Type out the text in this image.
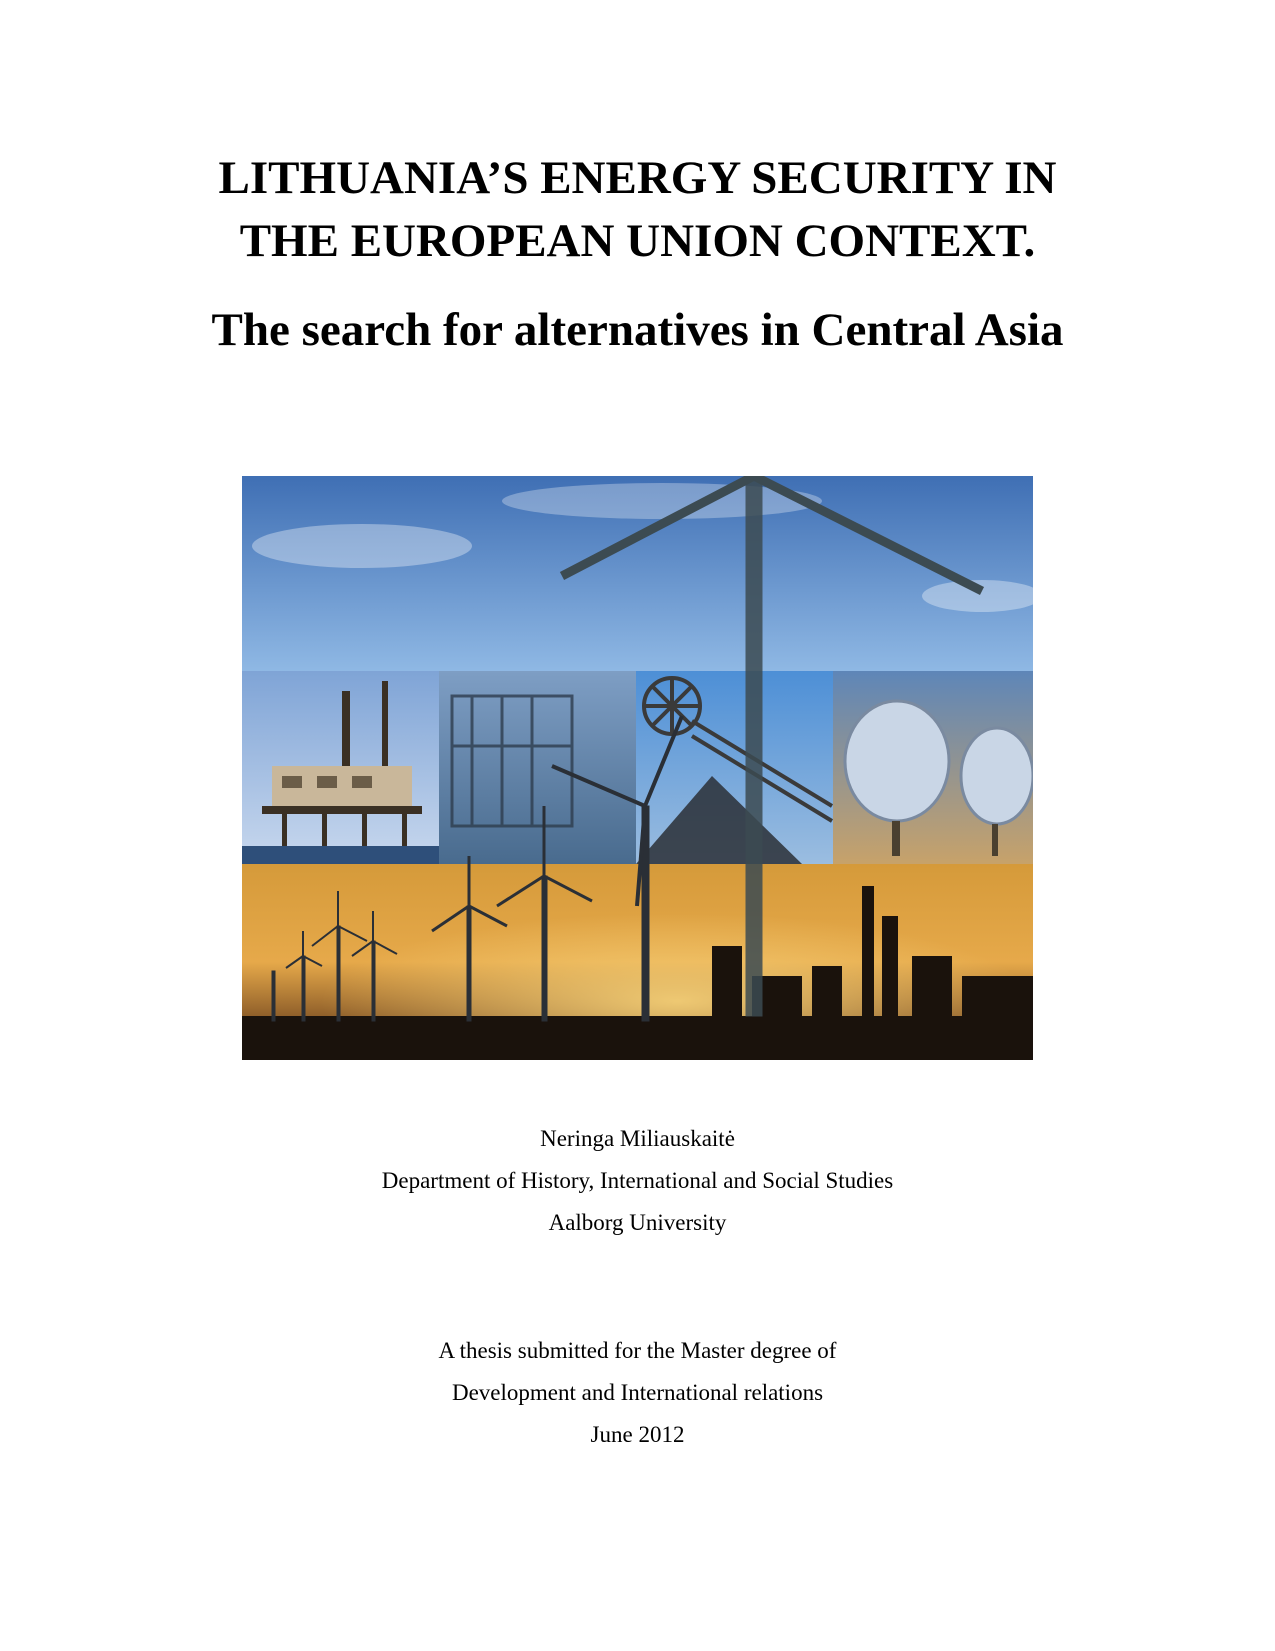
LITHUANIA’S ENERGY SECURITY IN
THE EUROPEAN UNION CONTEXT.
The search for alternatives in Central Asia
Neringa Miliauskaitė
Department of History, International and Social Studies
Aalborg University
A thesis submitted for the Master degree of
Development and International relations
June 2012
